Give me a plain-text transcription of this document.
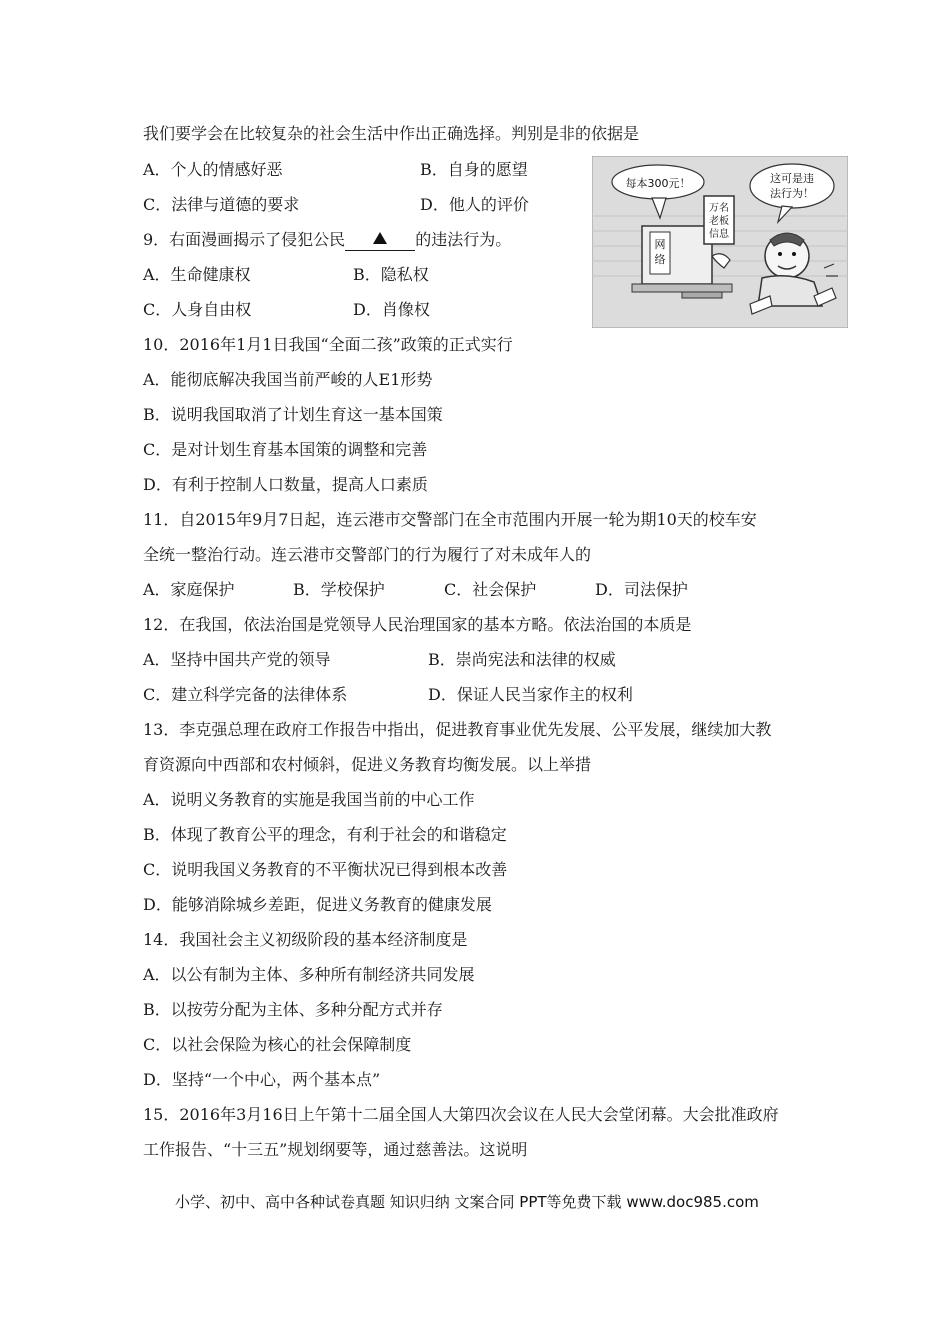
我们要学会在比较复杂的社会生活中作出正确选择。判别是非的依据是
A．个人的情感好恶	B．自身的愿望
C．法律与道德的要求	D．他人的评价
9．右面漫画揭示了侵犯公民	的违法行为。
A．生命健康权	B．隐私权
C．人身自由权	D．肖像权
每本300元！	这可是违
法行为！
网
络
万名
老板
信息
10．2016年1月1日我国“全面二孩”政策的正式实行
A．能彻底解决我国当前严峻的人E1形势
B．说明我国取消了计划生育这一基本国策
C．是对计划生育基本国策的调整和完善
D．有利于控制人口数量，提高人口素质
11．自2015年9月7日起，连云港市交警部门在全市范围内开展一轮为期10天的校车安
全统一整治行动。连云港市交警部门的行为履行了对未成年人的
A．家庭保护	B．学校保护	C．社会保护	D．司法保护
12．在我国，依法治国是党领导人民治理国家的基本方略。依法治国的本质是
A．坚持中国共产党的领导	B．崇尚宪法和法律的权威
C．建立科学完备的法律体系	D．保证人民当家作主的权利
13．李克强总理在政府工作报告中指出，促进教育事业优先发展、公平发展，继续加大教
育资源向中西部和农村倾斜，促进义务教育均衡发展。以上举措
A．说明义务教育的实施是我国当前的中心工作
B．体现了教育公平的理念，有利于社会的和谐稳定
C．说明我国义务教育的不平衡状况已得到根本改善
D．能够消除城乡差距，促进义务教育的健康发展
14．我国社会主义初级阶段的基本经济制度是
A．以公有制为主体、多种所有制经济共同发展
B．以按劳分配为主体、多种分配方式并存
C．以社会保险为核心的社会保障制度
D．坚持“一个中心，两个基本点”
15．2016年3月16日上午第十二届全国人大第四次会议在人民大会堂闭幕。大会批准政府
工作报告、“十三五”规划纲要等，通过慈善法。这说明
小学、初中、高中各种试卷真题 知识归纳 文案合同 PPT等免费下载 www.doc985.com
